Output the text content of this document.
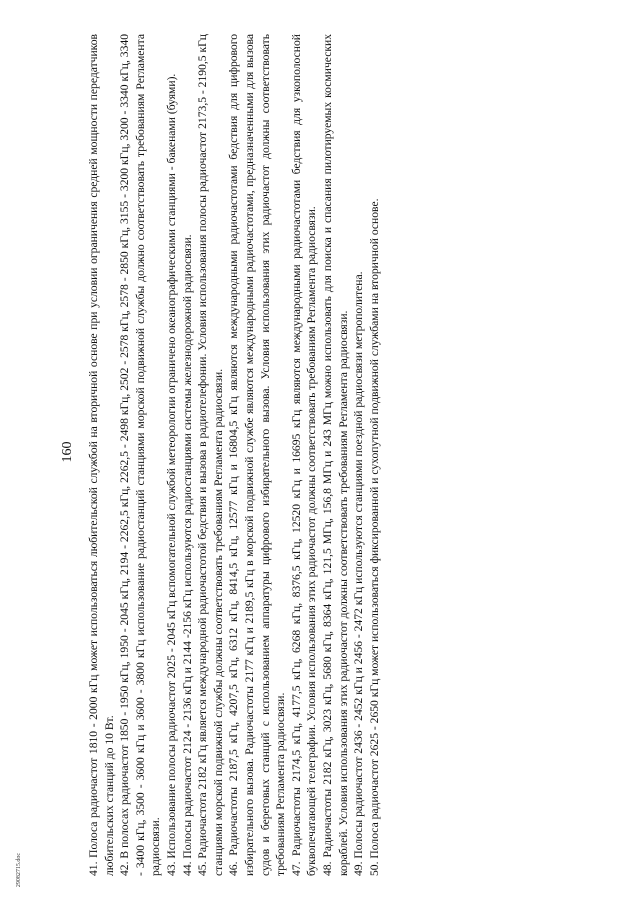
160 41. Полоса радиочастот 1810 - 2000 кГц может использоваться любительской службой на вторичной основе при условии ограничения средней мощности передатчиков любительских станций до 10 Вт. 42. В полосах радиочастот 1850 - 1950 кГц, 1950 - 2045 кГц, 2194 - 2262,5 кГц, 2262,5 - 2498 кГц, 2502 - 2578 кГц, 2578 - 2850 кГц, 3155 - 3200 кГц, 3200 - 3340 кГц, 3340 - 3400 кГц, 3500 - 3600 кГц и 3600 - 3800 кГц использование радиостанций станциями морской подвижной службы должно соответствовать требованиям Регламента радиосвязи. 43. Использование полосы радиочастот 2025 - 2045 кГц вспомогательной службой метеорологии ограничено океанографическими станциями - бакенами (буями). 44. Полосы радиочастот 2124 - 2136 кГц и 2144 -2156 кГц используются радиостанциями системы железнодорожной радиосвязи. 45. Радиочастота 2182 кГц является международной радиочастотой бедствия и вызова в радиотелефонии. Условия использования полосы радиочастот 2173,5 - 2190,5 кГц станциями морской подвижной службы должны соответствовать требованиям Регламента радиосвязи. 46. Радиочастоты 2187,5 кГц, 4207,5 кГц, 6312 кГц, 8414,5 кГц, 12577 кГц и 16804,5 кГц являются международными радиочастотами бедствия для цифрового избирательного вызова. Радиочастоты 2177 кГц и 2189,5 кГц в морской подвижной службе являются международными радиочастотами, предназначенными для вызова судов и береговых станций с использованием аппаратуры цифрового избирательного вызова. Условия использования этих радиочастот должны соответствовать требованиям Регламента радиосвязи. 47. Радиочастоты 2174,5 кГц, 4177,5 кГц, 6268 кГц, 8376,5 кГц, 12520 кГц и 16695 кГц являются международными радиочастотами бедствия для узкополосной буквопечатающей телеграфии. Условия использования этих радиочастот должны соответствовать требованиям Регламента радиосвязи. 48. Радиочастоты 2182 кГц, 3023 кГц, 5680 кГц, 8364 кГц, 121,5 МГц, 156,8 МГц и 243 МГц можно использовать для поиска и спасания пилотируемых космических кораблей. Условия использования этих радиочастот должны соответствовать требованиям Регламента радиосвязи. 49. Полосы радиочастот 2436 - 2452 кГц и 2456 - 2472 кГц используются станциями поездной радиосвязи метрополитена. 50. Полоса радиочастот 2625 - 2650 кГц может использоваться фиксированной и сухопутной подвижной службами на вторичной основе.

29082715.doc
